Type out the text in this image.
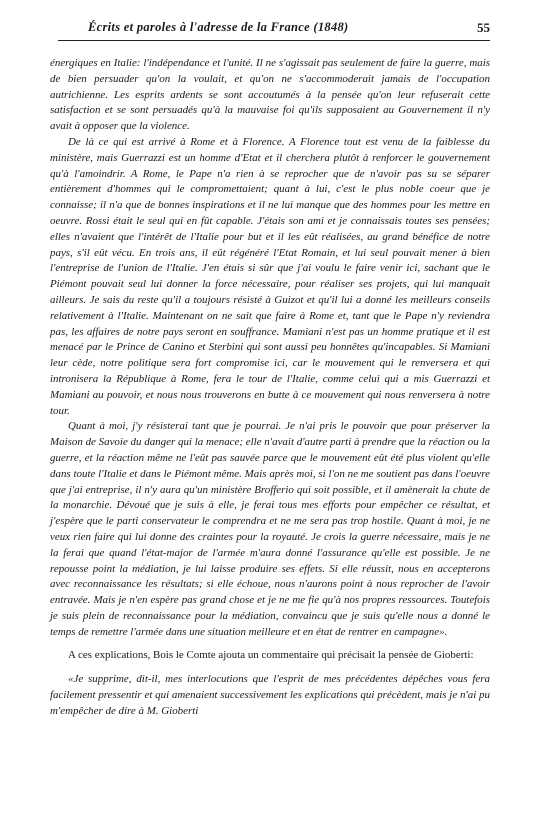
Écrits et paroles à l'adresse de la France (1848)	55

énergiques en Italie: l'indépendance et l'unité. Il ne s'agissait pas seulement de faire la guerre, mais de bien persuader qu'on la voulait, et qu'on ne s'accommoderait jamais de l'occupation autrichienne. Les esprits ardents se sont accoutumés à la pensée qu'on leur refuserait cette satisfaction et se sont persuadés qu'à la mauvaise foi qu'ils supposaient au Gouvernement il n'y avait à opposer que la violence.

De là ce qui est arrivé à Rome et à Florence. A Florence tout est venu de la faiblesse du ministère, mais Guerrazzi est un homme d'Etat et il cherchera plutôt à renforcer le gouvernement qu'à l'amoindrir. A Rome, le Pape n'a rien à se reprocher que de n'avoir pas su se séparer entièrement d'hommes qui le compromettaient; quant à lui, c'est le plus noble coeur que je connaisse; il n'a que de bonnes inspirations et il ne lui manque que des hommes pour les mettre en oeuvre. Rossi était le seul qui en fût capable. J'étais son ami et je connaissais toutes ses pensées; elles n'avaient que l'intérêt de l'Italie pour but et il les eût réalisées, au grand bénéfice de notre pays, s'il eût vécu. En trois ans, il eût régénéré l'Etat Romain, et lui seul pouvait mener à bien l'entreprise de l'union de l'Italie. J'en étais si sûr que j'ai voulu le faire venir ici, sachant que le Piémont pouvait seul lui donner la force nécessaire, pour réaliser ses projets, qui lui manquait ailleurs. Je sais du reste qu'il a toujours résisté à Guizot et qu'il lui a donné les meilleurs conseils relativement à l'Italie. Maintenant on ne sait que faire à Rome et, tant que le Pape n'y reviendra pas, les affaires de notre pays seront en souffrance. Mamiani n'est pas un homme pratique et il est menacé par le Prince de Canino et Sterbini qui sont aussi peu honnêtes qu'incapables. Si Mamiani leur cède, notre politique sera fort compromise ici, car le mouvement qui le renversera et qui intronisera la République à Rome, fera le tour de l'Italie, comme celui qui a mis Guerrazzi et Mamiani au pouvoir, et nous nous trouverons en butte à ce mouvement qui nous renversera à notre tour.

Quant à moi, j'y résisterai tant que je pourrai. Je n'ai pris le pouvoir que pour préserver la Maison de Savoie du danger qui la menace; elle n'avait d'autre parti à prendre que la réaction ou la guerre, et la réaction même ne l'eût pas sauvée parce que le mouvement eût été plus violent qu'elle dans toute l'Italie et dans le Piémont même. Mais après moi, si l'on ne me soutient pas dans l'oeuvre que j'ai entreprise, il n'y aura qu'un ministère Brofferio qui soit possible, et il amènerait la chute de la monarchie. Dévoué que je suis à elle, je ferai tous mes efforts pour empêcher ce résultat, et j'espère que le parti conservateur le comprendra et ne me sera pas trop hostile. Quant à moi, je ne veux rien faire qui lui donne des craintes pour la royauté. Je crois la guerre nécessaire, mais je ne la ferai que quand l'état-major de l'armée m'aura donné l'assurance qu'elle est possible. Je ne repousse point la médiation, je lui laisse produire ses effets. Si elle réussit, nous en accepterons avec reconnaissance les résultats; si elle échoue, nous n'aurons point à nous reprocher de l'avoir entravée. Mais je n'en espère pas grand chose et je ne me fie qu'à nos propres ressources. Toutefois je suis plein de reconnaissance pour la médiation, convaincu que je suis qu'elle nous a donné le temps de remettre l'armée dans une situation meilleure et en état de rentrer en campagne».

A ces explications, Bois le Comte ajouta un commentaire qui précisait la pensée de Gioberti:

«Je supprime, dit-il, mes interlocutions que l'esprit de mes précédentes dépêches vous fera facilement pressentir et qui amenaient successivement les explications qui précèdent, mais je n'ai pu m'empêcher de dire à M. Gioberti
